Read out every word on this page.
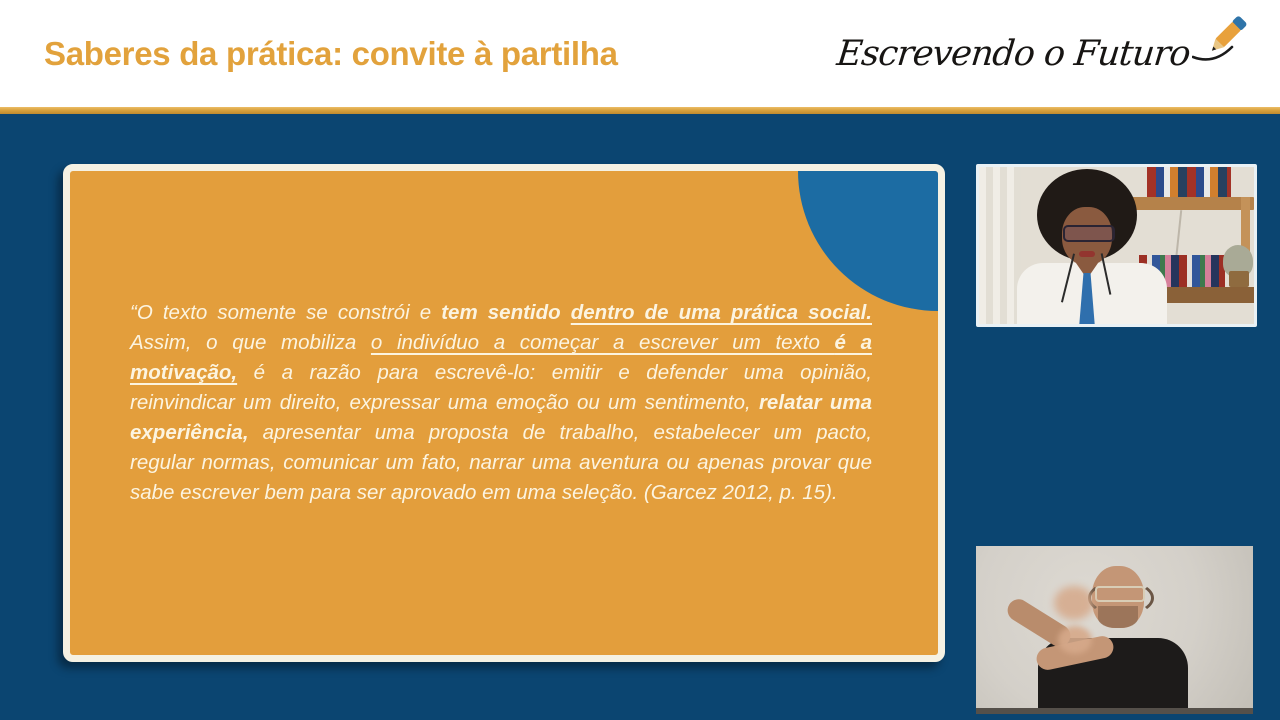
Saberes da prática: convite à partilha	Escrevendo o Futuro
“O texto somente se constrói e tem sentido dentro de uma prática social.
Assim, o que mobiliza o indivíduo a começar a escrever um texto é a
motivação, é a razão para escrevê-lo: emitir e defender uma opinião,
reinvindicar um direito, expressar uma emoção ou um sentimento, relatar uma
experiência, apresentar uma proposta de trabalho, estabelecer um pacto,
regular normas, comunicar um fato, narrar uma aventura ou apenas provar que
sabe escrever bem para ser aprovado em uma seleção. (Garcez 2012, p. 15).
